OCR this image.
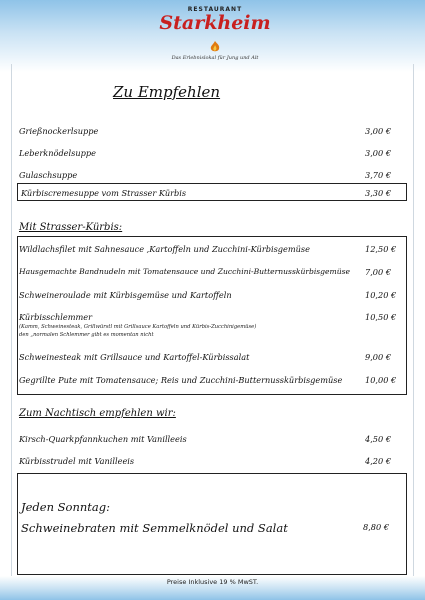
RESTAURANT
Starkheim
Das Erlebnislokal für Jung und Alt
Zu Empfehlen
Grießnockerlsuppe	3,00 €
Leberknödelsuppe	3,00 €
Gulaschsuppe	3,70 €
Kürbiscremesuppe vom Strasser Kürbis	3,30 €
Mit Strasser-Kürbis:
Wildlachsfilet mit Sahnesauce ,Kartoffeln und Zucchini-Kürbisgemüse	12,50 €
Hausgemachte Bandnudeln mit Tomatensauce und Zucchini-Butternusskürbisgemüse 7,00 €
Schweineroulade mit Kürbisgemüse und Kartoffeln	10,20 €
Kürbisschlemmer	10,50 €
(Kamm, Schweinesteak, Grillwürstl mit Grillsauce Kartoffeln und Kürbis-Zucchinigemüse)
den „normalen Schlemmer gibt es momentan nicht
Schweinesteak mit Grillsauce und Kartoffel-Kürbissalat	9,00 €
Gegrillte Pute mit Tomatensauce; Reis und Zucchini-Butternusskürbisgemüse	10,00 €
Zum Nachtisch empfehlen wir:
Kirsch-Quarkpfannkuchen mit Vanilleeis	4,50 €
Kürbisstrudel mit Vanilleeis	4,20 €
Jeden Sonntag:
Schweinebraten mit Semmelknödel und Salat	8,80 €
Preise Inklusive 19 % MwST.
